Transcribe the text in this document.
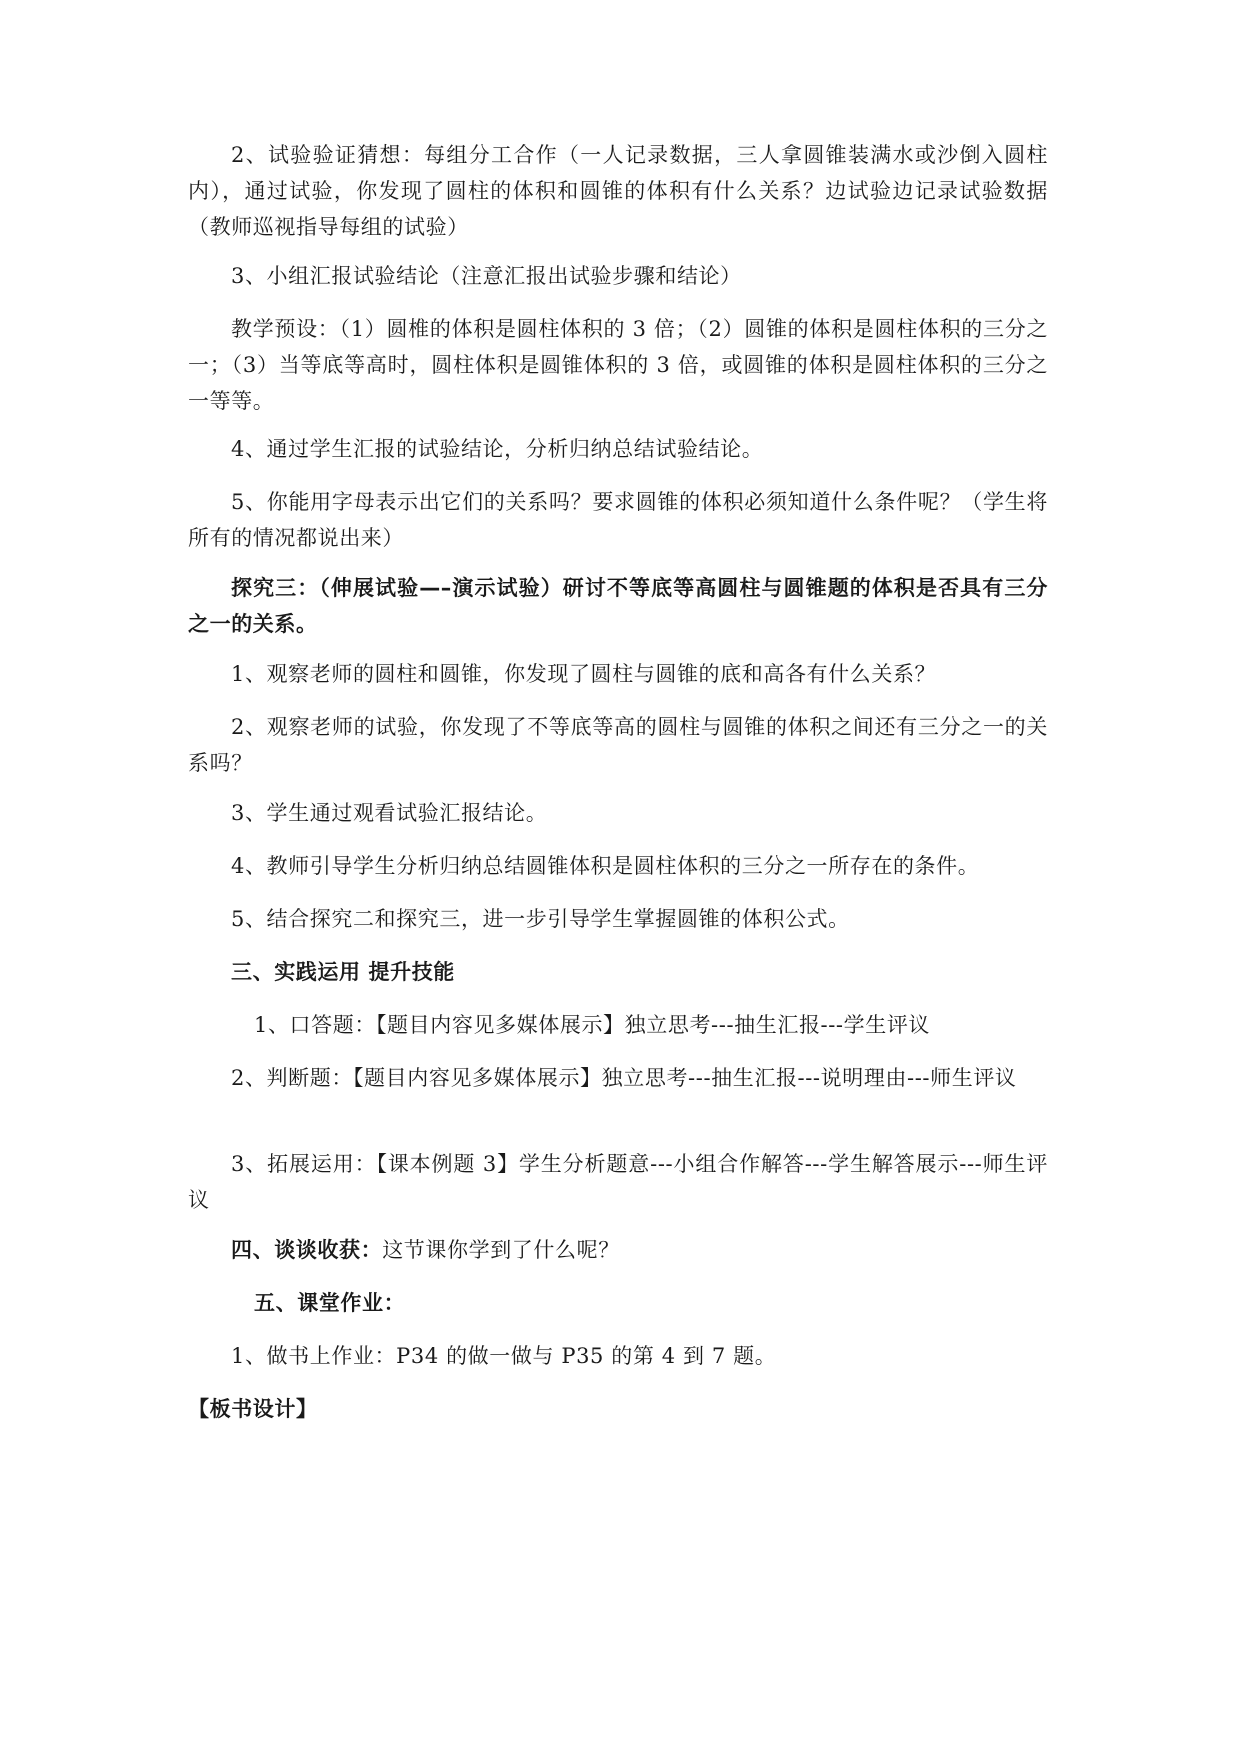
2、试验验证猜想：每组分工合作（一人记录数据，三人拿圆锥装满水或沙倒入圆柱内），通过试验，你发现了圆柱的体积和圆锥的体积有什么关系？边试验边记录试验数据（教师巡视指导每组的试验）

3、小组汇报试验结论（注意汇报出试验步骤和结论）

教学预设：（1）圆椎的体积是圆柱体积的 3 倍；（2）圆锥的体积是圆柱体积的三分之一；（3）当等底等高时，圆柱体积是圆锥体积的 3 倍，或圆锥的体积是圆柱体积的三分之一等等。

4、通过学生汇报的试验结论，分析归纳总结试验结论。

5、你能用字母表示出它们的关系吗？要求圆锥的体积必须知道什么条件呢？（学生将所有的情况都说出来）

探究三：（伸展试验—–演示试验）研讨不等底等高圆柱与圆锥题的体积是否具有三分之一的关系。

1、观察老师的圆柱和圆锥，你发现了圆柱与圆锥的底和高各有什么关系？

2、观察老师的试验，你发现了不等底等高的圆柱与圆锥的体积之间还有三分之一的关系吗？

3、学生通过观看试验汇报结论。

4、教师引导学生分析归纳总结圆锥体积是圆柱体积的三分之一所存在的条件。

5、结合探究二和探究三，进一步引导学生掌握圆锥的体积公式。

三、实践运用 提升技能

1、口答题：【题目内容见多媒体展示】独立思考---抽生汇报---学生评议

2、判断题：【题目内容见多媒体展示】独立思考---抽生汇报---说明理由---师生评议

3、拓展运用：【课本例题 3】学生分析题意---小组合作解答---学生解答展示---师生评议

四、谈谈收获：这节课你学到了什么呢？

五、课堂作业：

1、做书上作业：P34 的做一做与 P35 的第 4 到 7 题。

【板书设计】
